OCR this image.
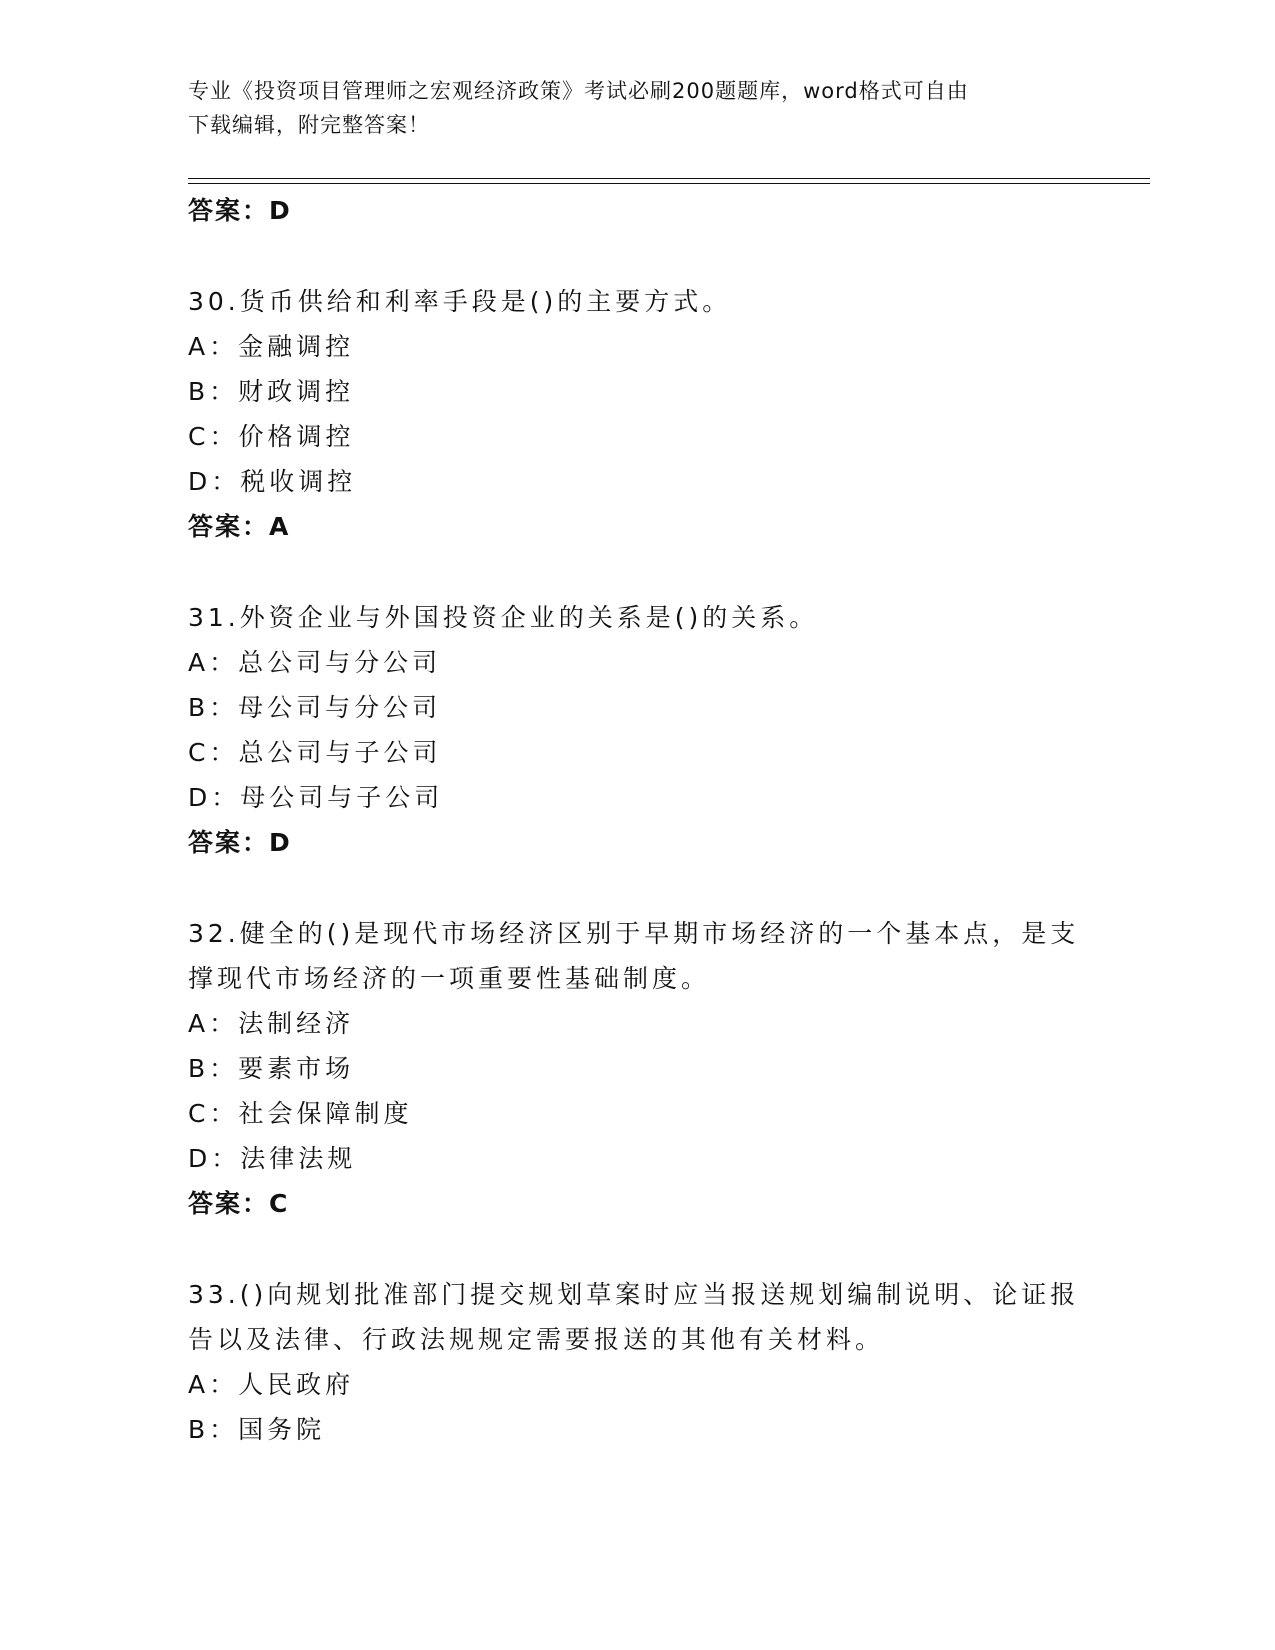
专业《投资项目管理师之宏观经济政策》考试必刷200题题库，word格式可自由
下载编辑，附完整答案！
答案：D
30.货币供给和利率手段是()的主要方式。
A：金融调控
B：财政调控
C：价格调控
D：税收调控
答案：A
31.外资企业与外国投资企业的关系是()的关系。
A：总公司与分公司
B：母公司与分公司
C：总公司与子公司
D：母公司与子公司
答案：D
32.健全的()是现代市场经济区别于早期市场经济的一个基本点，是支
撑现代市场经济的一项重要性基础制度。
A：法制经济
B：要素市场
C：社会保障制度
D：法律法规
答案：C
33.()向规划批准部门提交规划草案时应当报送规划编制说明、论证报
告以及法律、行政法规规定需要报送的其他有关材料。
A：人民政府
B：国务院
